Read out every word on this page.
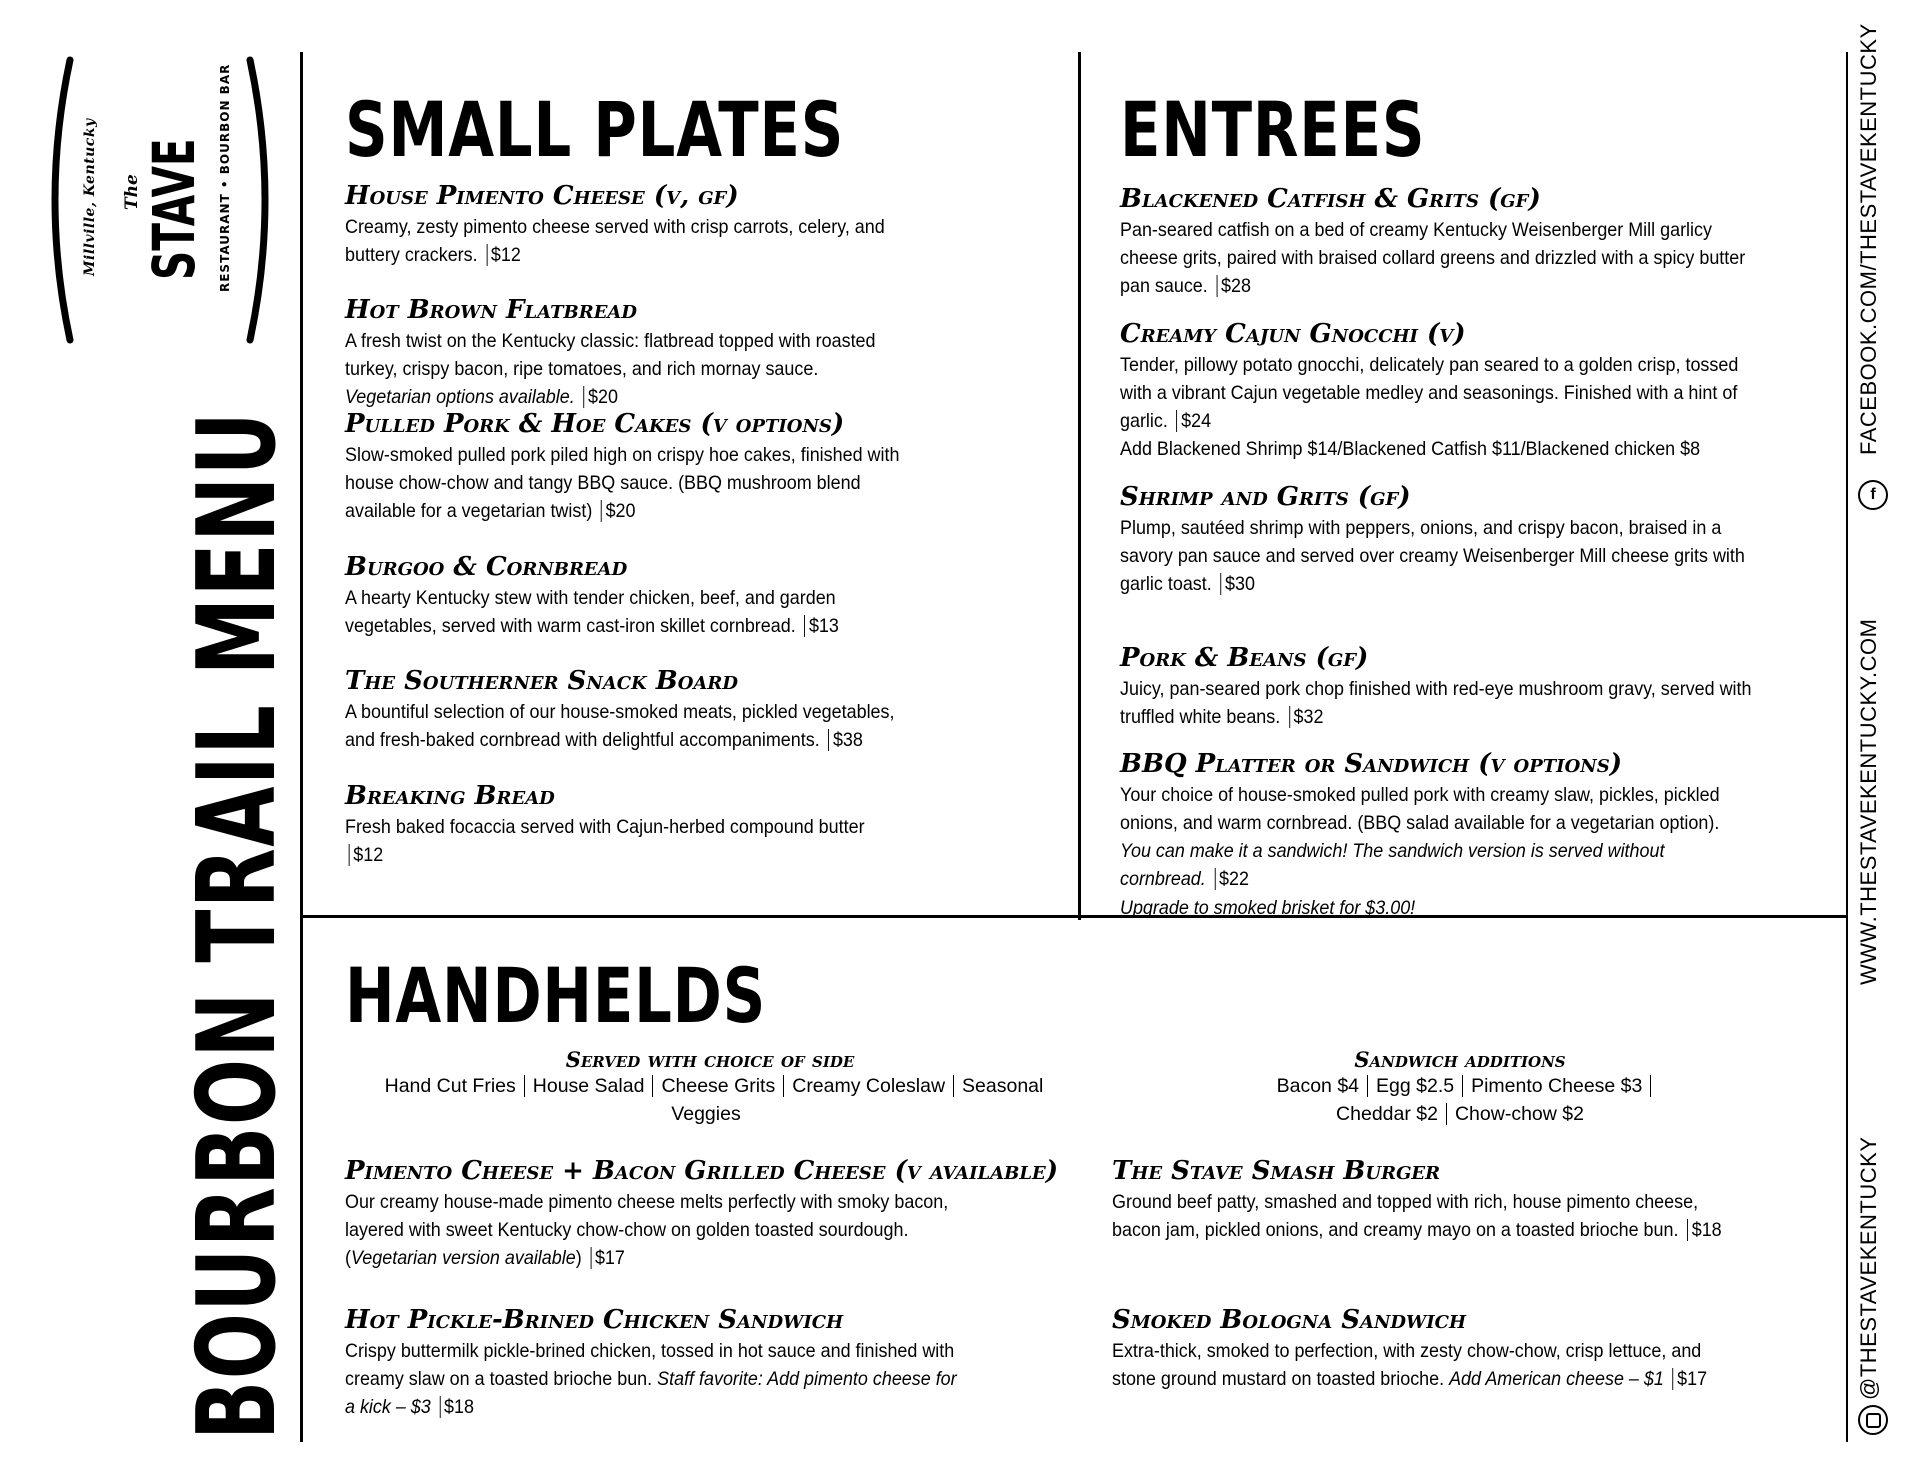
Millville, Kentucky The
STAVE RESTAURANT • BOURBON BAR
BOURBON TRAIL MENU
FACEBOOK.COM/THESTAVEKENTUCKY
f
WWW.THESTAVEKENTUCKY.COM
@THESTAVEKENTUCKY
SMALL PLATES
House Pimento Cheese (v, gf)
Creamy, zesty pimento cheese served with crisp carrots, celery, and buttery crackers. $12
Hot Brown Flatbread
A fresh twist on the Kentucky classic: flatbread topped with roasted turkey, crispy bacon, ripe tomatoes, and rich mornay sauce. Vegetarian options available. $20
Pulled Pork & Hoe Cakes (v options)
Slow-smoked pulled pork piled high on crispy hoe cakes, finished with house chow-chow and tangy BBQ sauce. (BBQ mushroom blend available for a vegetarian twist) $20
Burgoo & Cornbread
A hearty Kentucky stew with tender chicken, beef, and garden vegetables, served with warm cast-iron skillet cornbread. $13
The Southerner Snack Board
A bountiful selection of our house-smoked meats, pickled vegetables, and fresh-baked cornbread with delightful accompaniments. $38
Breaking Bread
Fresh baked focaccia served with Cajun-herbed compound butter $12
ENTREES
Blackened Catfish & Grits (gf)
Pan-seared catfish on a bed of creamy Kentucky Weisenberger Mill garlicy cheese grits, paired with braised collard greens and drizzled with a spicy butter pan sauce. $28
Creamy Cajun Gnocchi (v)
Tender, pillowy potato gnocchi, delicately pan seared to a golden crisp, tossed with a vibrant Cajun vegetable medley and seasonings. Finished with a hint of garlic. $24
Add Blackened Shrimp $14/Blackened Catfish $11/Blackened chicken $8
Shrimp and Grits (gf)
Plump, sautéed shrimp with peppers, onions, and crispy bacon, braised in a savory pan sauce and served over creamy Weisenberger Mill cheese grits with garlic toast. $30
Pork & Beans (gf)
Juicy, pan-seared pork chop finished with red-eye mushroom gravy, served with truffled white beans. $32
BBQ Platter or Sandwich (v options)
Your choice of house-smoked pulled pork with creamy slaw, pickles, pickled onions, and warm cornbread. (BBQ salad available for a vegetarian option). You can make it a sandwich! The sandwich version is served without cornbread. $22
Upgrade to smoked brisket for $3.00!
HANDHELDS
Served with choice of side
Hand Cut Fries House Salad Cheese Grits Creamy Coleslaw Seasonal Veggies
Sandwich additions
Bacon $4 Egg $2.5 Pimento Cheese $3
Cheddar $2 Chow-chow $2
Pimento Cheese + Bacon Grilled Cheese (v available)
Our creamy house-made pimento cheese melts perfectly with smoky bacon, layered with sweet Kentucky chow-chow on golden toasted sourdough. (Vegetarian version available) $17
The Stave Smash Burger
Ground beef patty, smashed and topped with rich, house pimento cheese, bacon jam, pickled onions, and creamy mayo on a toasted brioche bun. $18
Hot Pickle-Brined Chicken Sandwich
Crispy buttermilk pickle-brined chicken, tossed in hot sauce and finished with creamy slaw on a toasted brioche bun. Staff favorite: Add pimento cheese for a kick – $3 $18
Smoked Bologna Sandwich
Extra-thick, smoked to perfection, with zesty chow-chow, crisp lettuce, and stone ground mustard on toasted brioche. Add American cheese – $1 $17
